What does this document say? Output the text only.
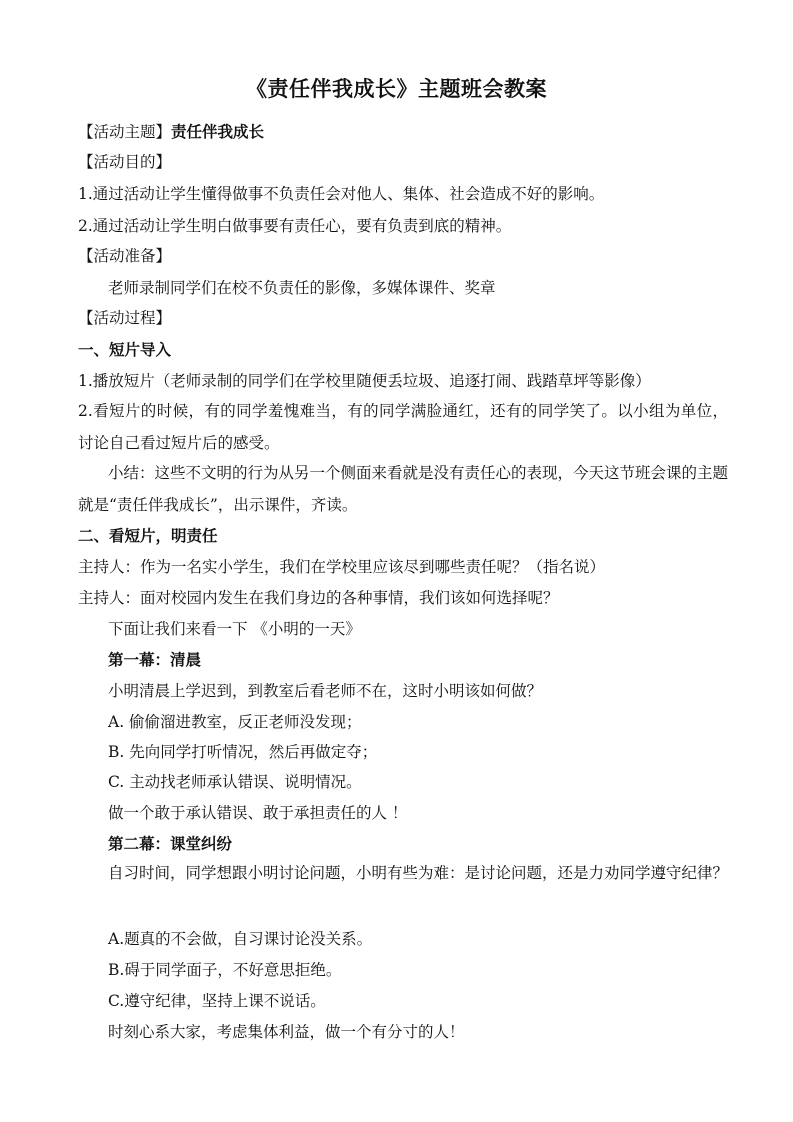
《责任伴我成长》主题班会教案
【活动主题】责任伴我成长
【活动目的】
1.通过活动让学生懂得做事不负责任会对他人、集体、社会造成不好的影响。
2.通过活动让学生明白做事要有责任心，要有负责到底的精神。
【活动准备】
老师录制同学们在校不负责任的影像，多媒体课件、奖章
【活动过程】
一、短片导入
1.播放短片（老师录制的同学们在学校里随便丢垃圾、追逐打闹、践踏草坪等影像）
2.看短片的时候，有的同学羞愧难当，有的同学满脸通红，还有的同学笑了。以小组为单位，讨论自己看过短片后的感受。
小结：这些不文明的行为从另一个侧面来看就是没有责任心的表现，今天这节班会课的主题就是“责任伴我成长”，出示课件，齐读。
二、看短片，明责任
主持人：作为一名实小学生，我们在学校里应该尽到哪些责任呢？（指名说）
主持人：面对校园内发生在我们身边的各种事情，我们该如何选择呢？
下面让我们来看一下 《小明的一天》
第一幕：清晨
小明清晨上学迟到，到教室后看老师不在，这时小明该如何做？
A. 偷偷溜进教室，反正老师没发现；
B. 先向同学打听情况，然后再做定夺；
C. 主动找老师承认错误、说明情况。
做一个敢于承认错误、敢于承担责任的人 ！
第二幕：课堂纠纷
自习时间，同学想跟小明讨论问题，小明有些为难：是讨论问题，还是力劝同学遵守纪律？
A.题真的不会做，自习课讨论没关系。
B.碍于同学面子，不好意思拒绝。
C.遵守纪律，坚持上课不说话。
时刻心系大家，考虑集体利益，做一个有分寸的人！
